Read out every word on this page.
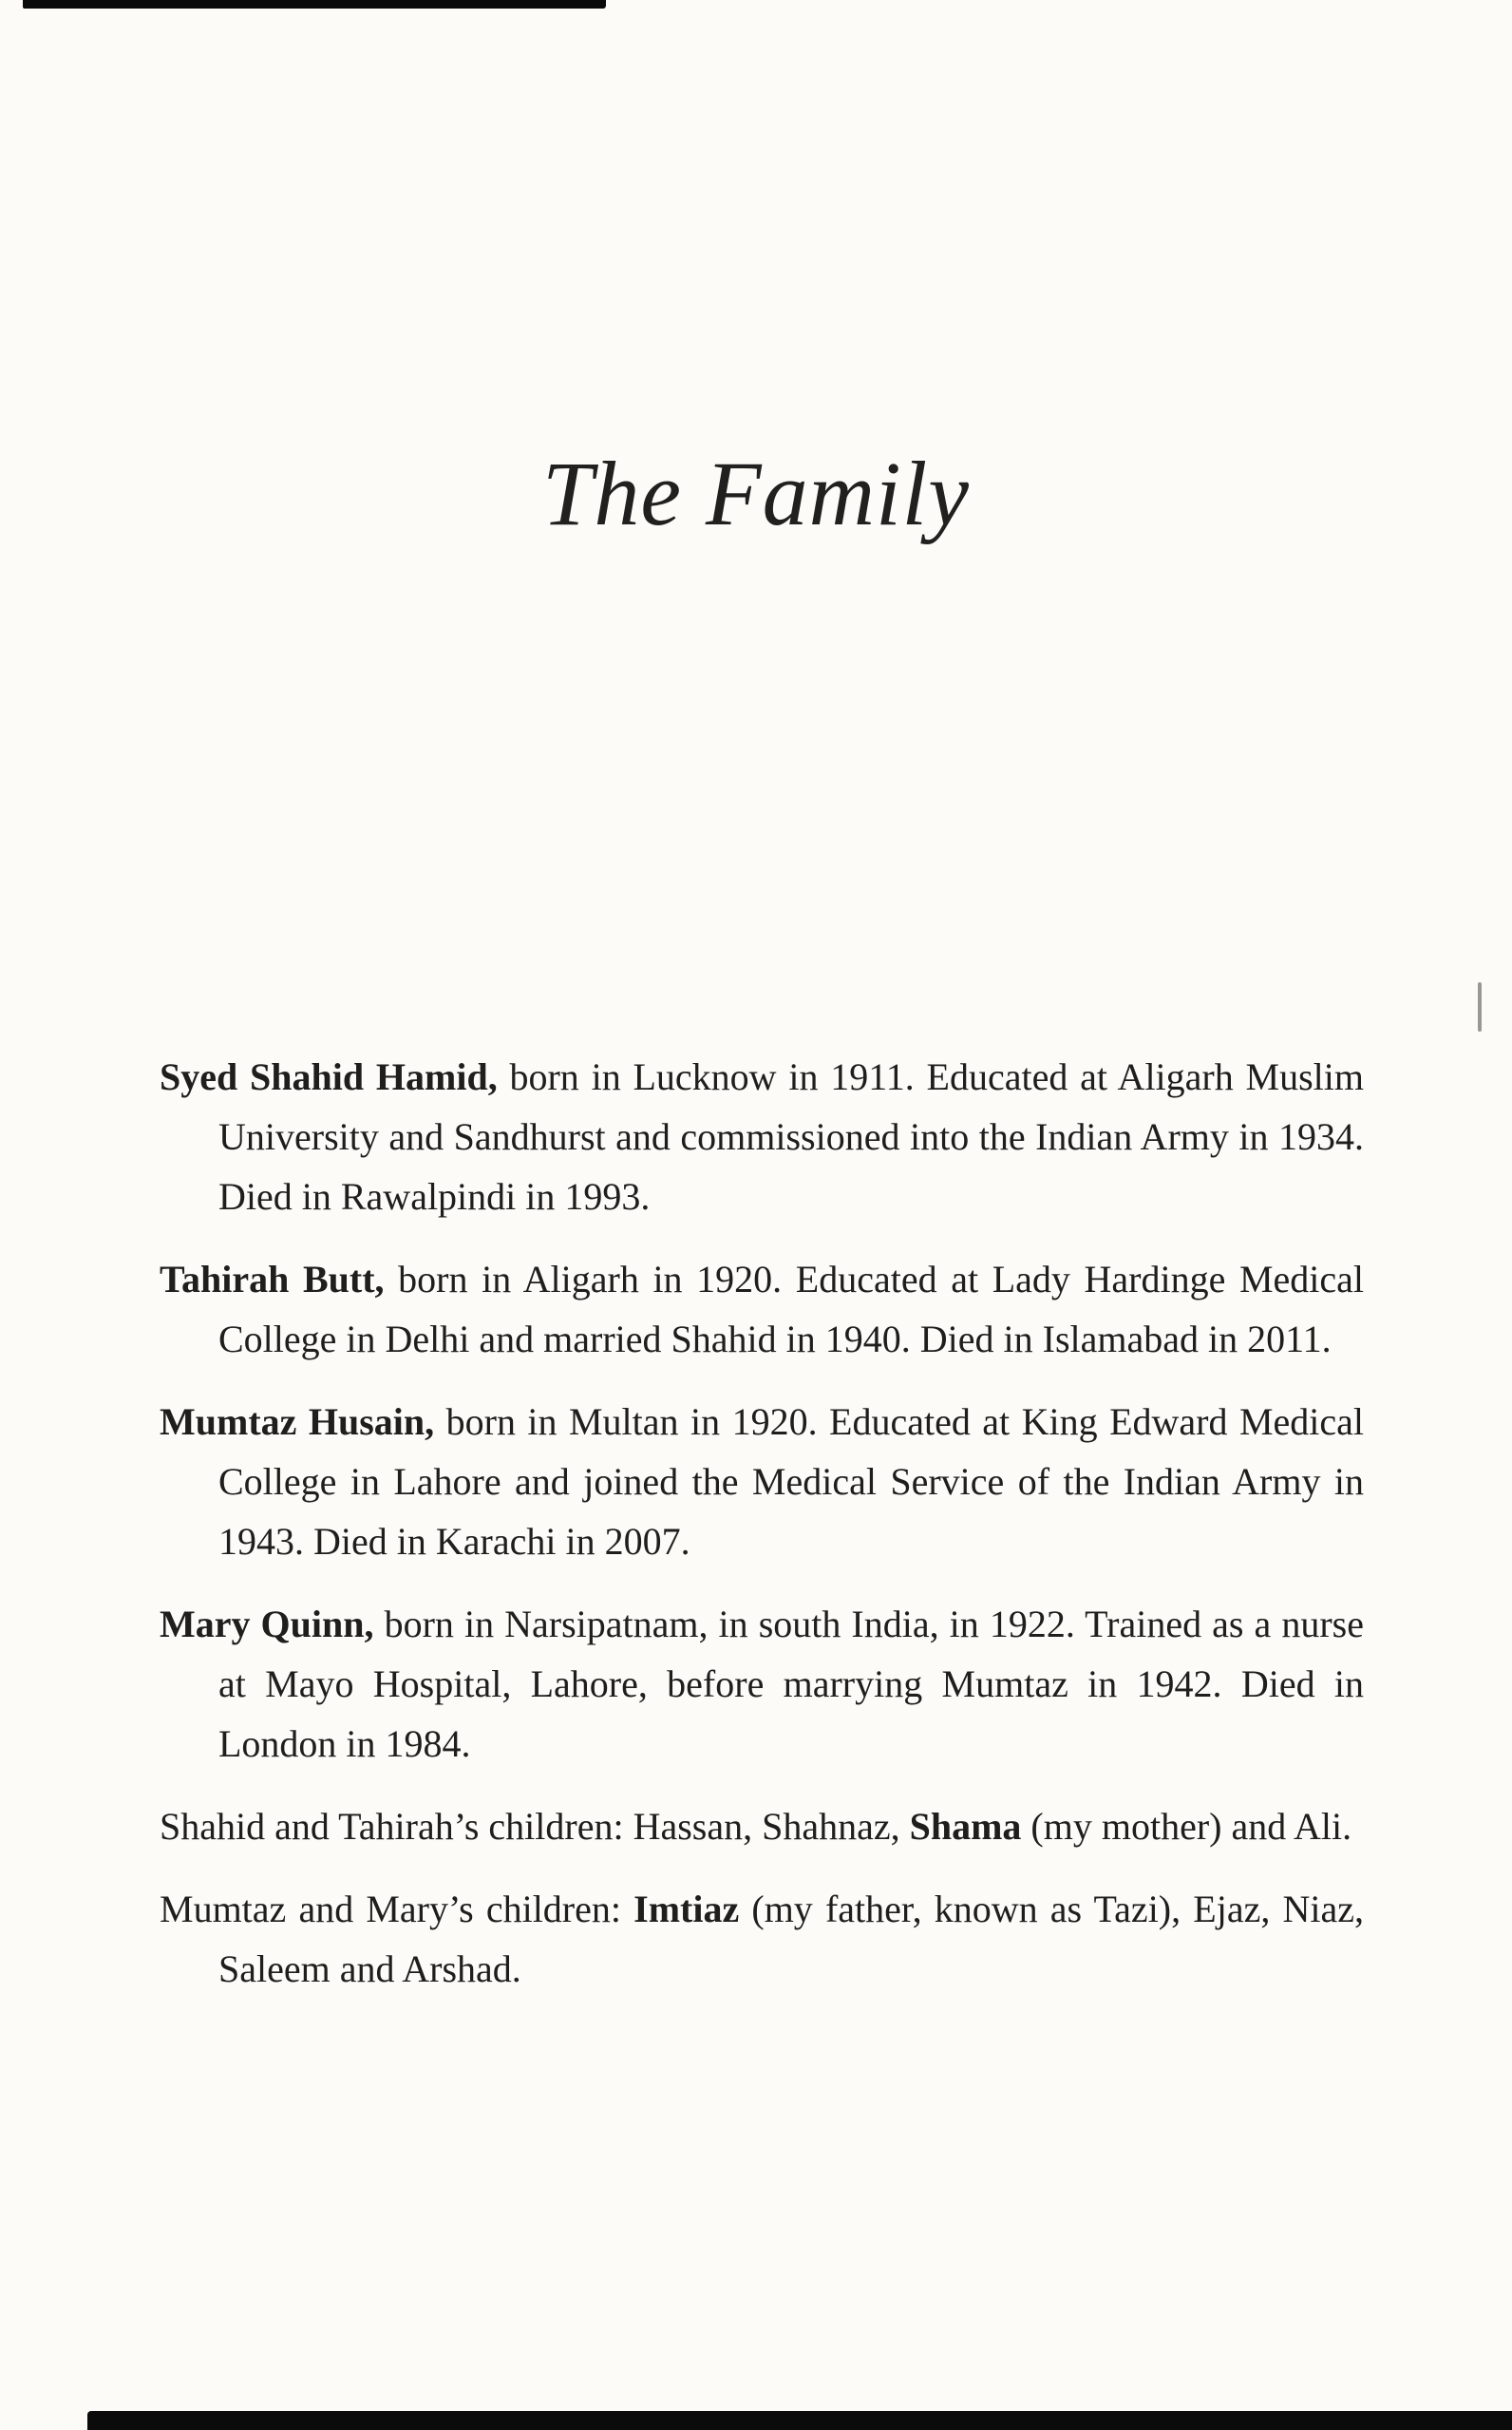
The Family

Syed Shahid Hamid, born in Lucknow in 1911. Educated at Aligarh Muslim University and Sandhurst and commissioned into the Indian Army in 1934. Died in Rawalpindi in 1993.

Tahirah Butt, born in Aligarh in 1920. Educated at Lady Hardinge Medical College in Delhi and married Shahid in 1940. Died in Islamabad in 2011.

Mumtaz Husain, born in Multan in 1920. Educated at King Edward Medical College in Lahore and joined the Medical Service of the Indian Army in 1943. Died in Karachi in 2007.

Mary Quinn, born in Narsipatnam, in south India, in 1922. Trained as a nurse at Mayo Hospital, Lahore, before marrying Mumtaz in 1942. Died in London in 1984.

Shahid and Tahirah’s children: Hassan, Shahnaz, Shama (my mother) and Ali.

Mumtaz and Mary’s children: Imtiaz (my father, known as Tazi), Ejaz, Niaz, Saleem and Arshad.
